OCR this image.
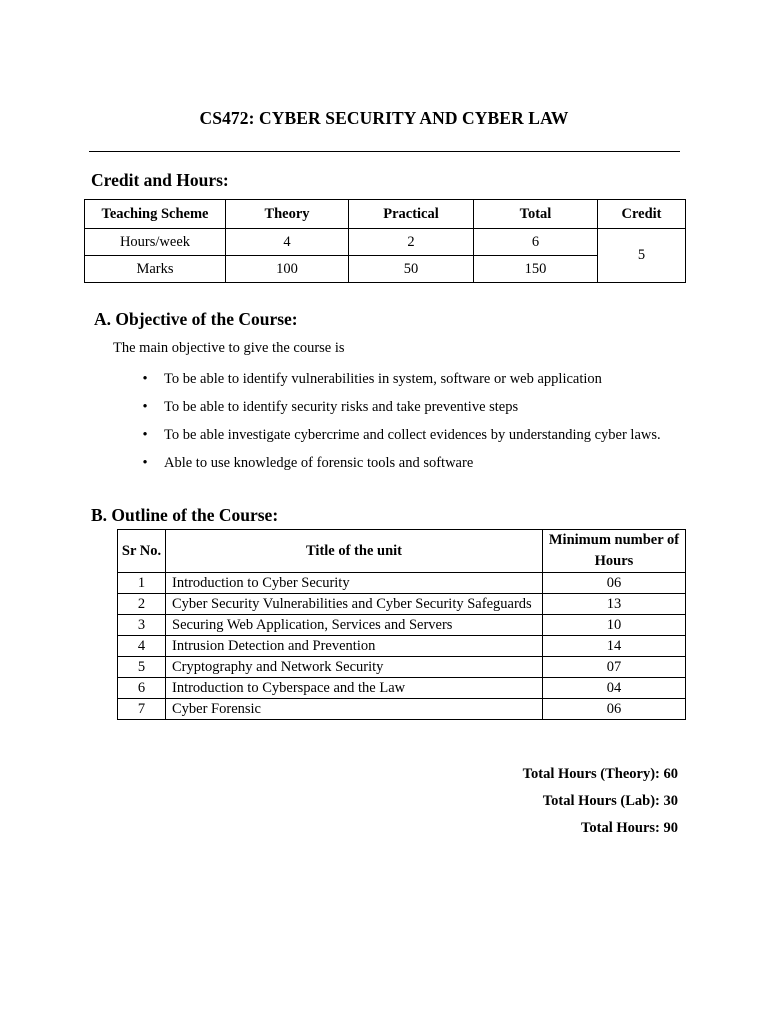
CS472: CYBER SECURITY AND CYBER LAW
Credit and Hours:
Teaching Scheme	Theory	Practical	Total	Credit
Hours/week	4	2	6	5
Marks	100	50	150	
A. Objective of the Course:
The main objective to give the course is
• To be able to identify vulnerabilities in system, software or web application
• To be able to identify security risks and take preventive steps
• To be able investigate cybercrime and collect evidences by understanding cyber laws.
• Able to use knowledge of forensic tools and software
B. Outline of the Course:
Sr No.	Title of the unit	Minimum number of Hours
1	Introduction to Cyber Security	06
2	Cyber Security Vulnerabilities and Cyber Security Safeguards	13
3	Securing Web Application, Services and Servers	10
4	Intrusion Detection and Prevention	14
5	Cryptography and Network Security	07
6	Introduction to Cyberspace and the Law	04
7	Cyber Forensic	06
Total Hours (Theory): 60
Total Hours (Lab): 30
Total Hours: 90
